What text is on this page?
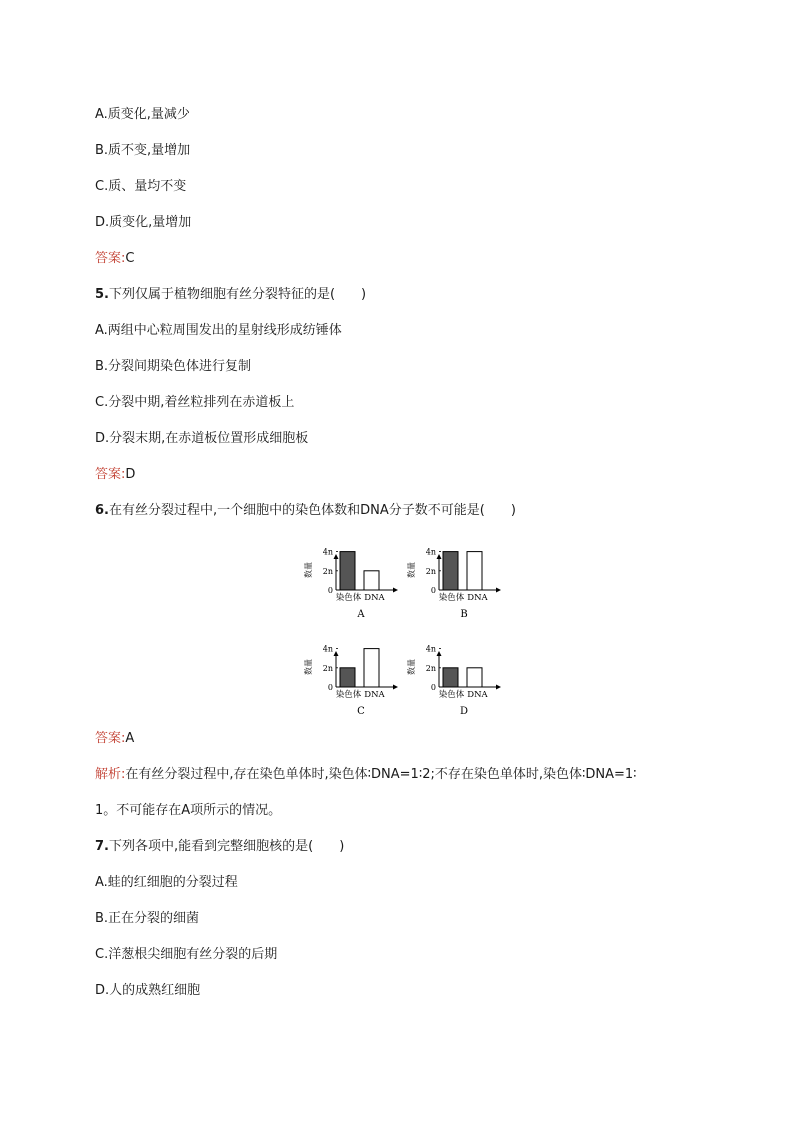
A.质变化,量减少
B.质不变,量增加
C.质、量均不变
D.质变化,量增加
答案:C
5.下列仅属于植物细胞有丝分裂特征的是(　　)
A.两组中心粒周围发出的星射线形成纺锤体
B.分裂间期染色体进行复制
C.分裂中期,着丝粒排列在赤道板上
D.分裂末期,在赤道板位置形成细胞板
答案:D
6.在有丝分裂过程中,一个细胞中的染色体数和DNA分子数不可能是(　　)
数量
0
2n
4n
染色体 DNA
A
数量
0
2n
4n
染色体 DNA
B
数量
0
2n
4n
染色体 DNA
C
数量
0
2n
4n
染色体 DNA
D
答案:A
解析:在有丝分裂过程中,存在染色单体时,染色体∶DNA=1∶2;不存在染色单体时,染色体∶DNA=1∶
1。不可能存在A项所示的情况。
7.下列各项中,能看到完整细胞核的是(　　)
A.蛙的红细胞的分裂过程
B.正在分裂的细菌
C.洋葱根尖细胞有丝分裂的后期
D.人的成熟红细胞
